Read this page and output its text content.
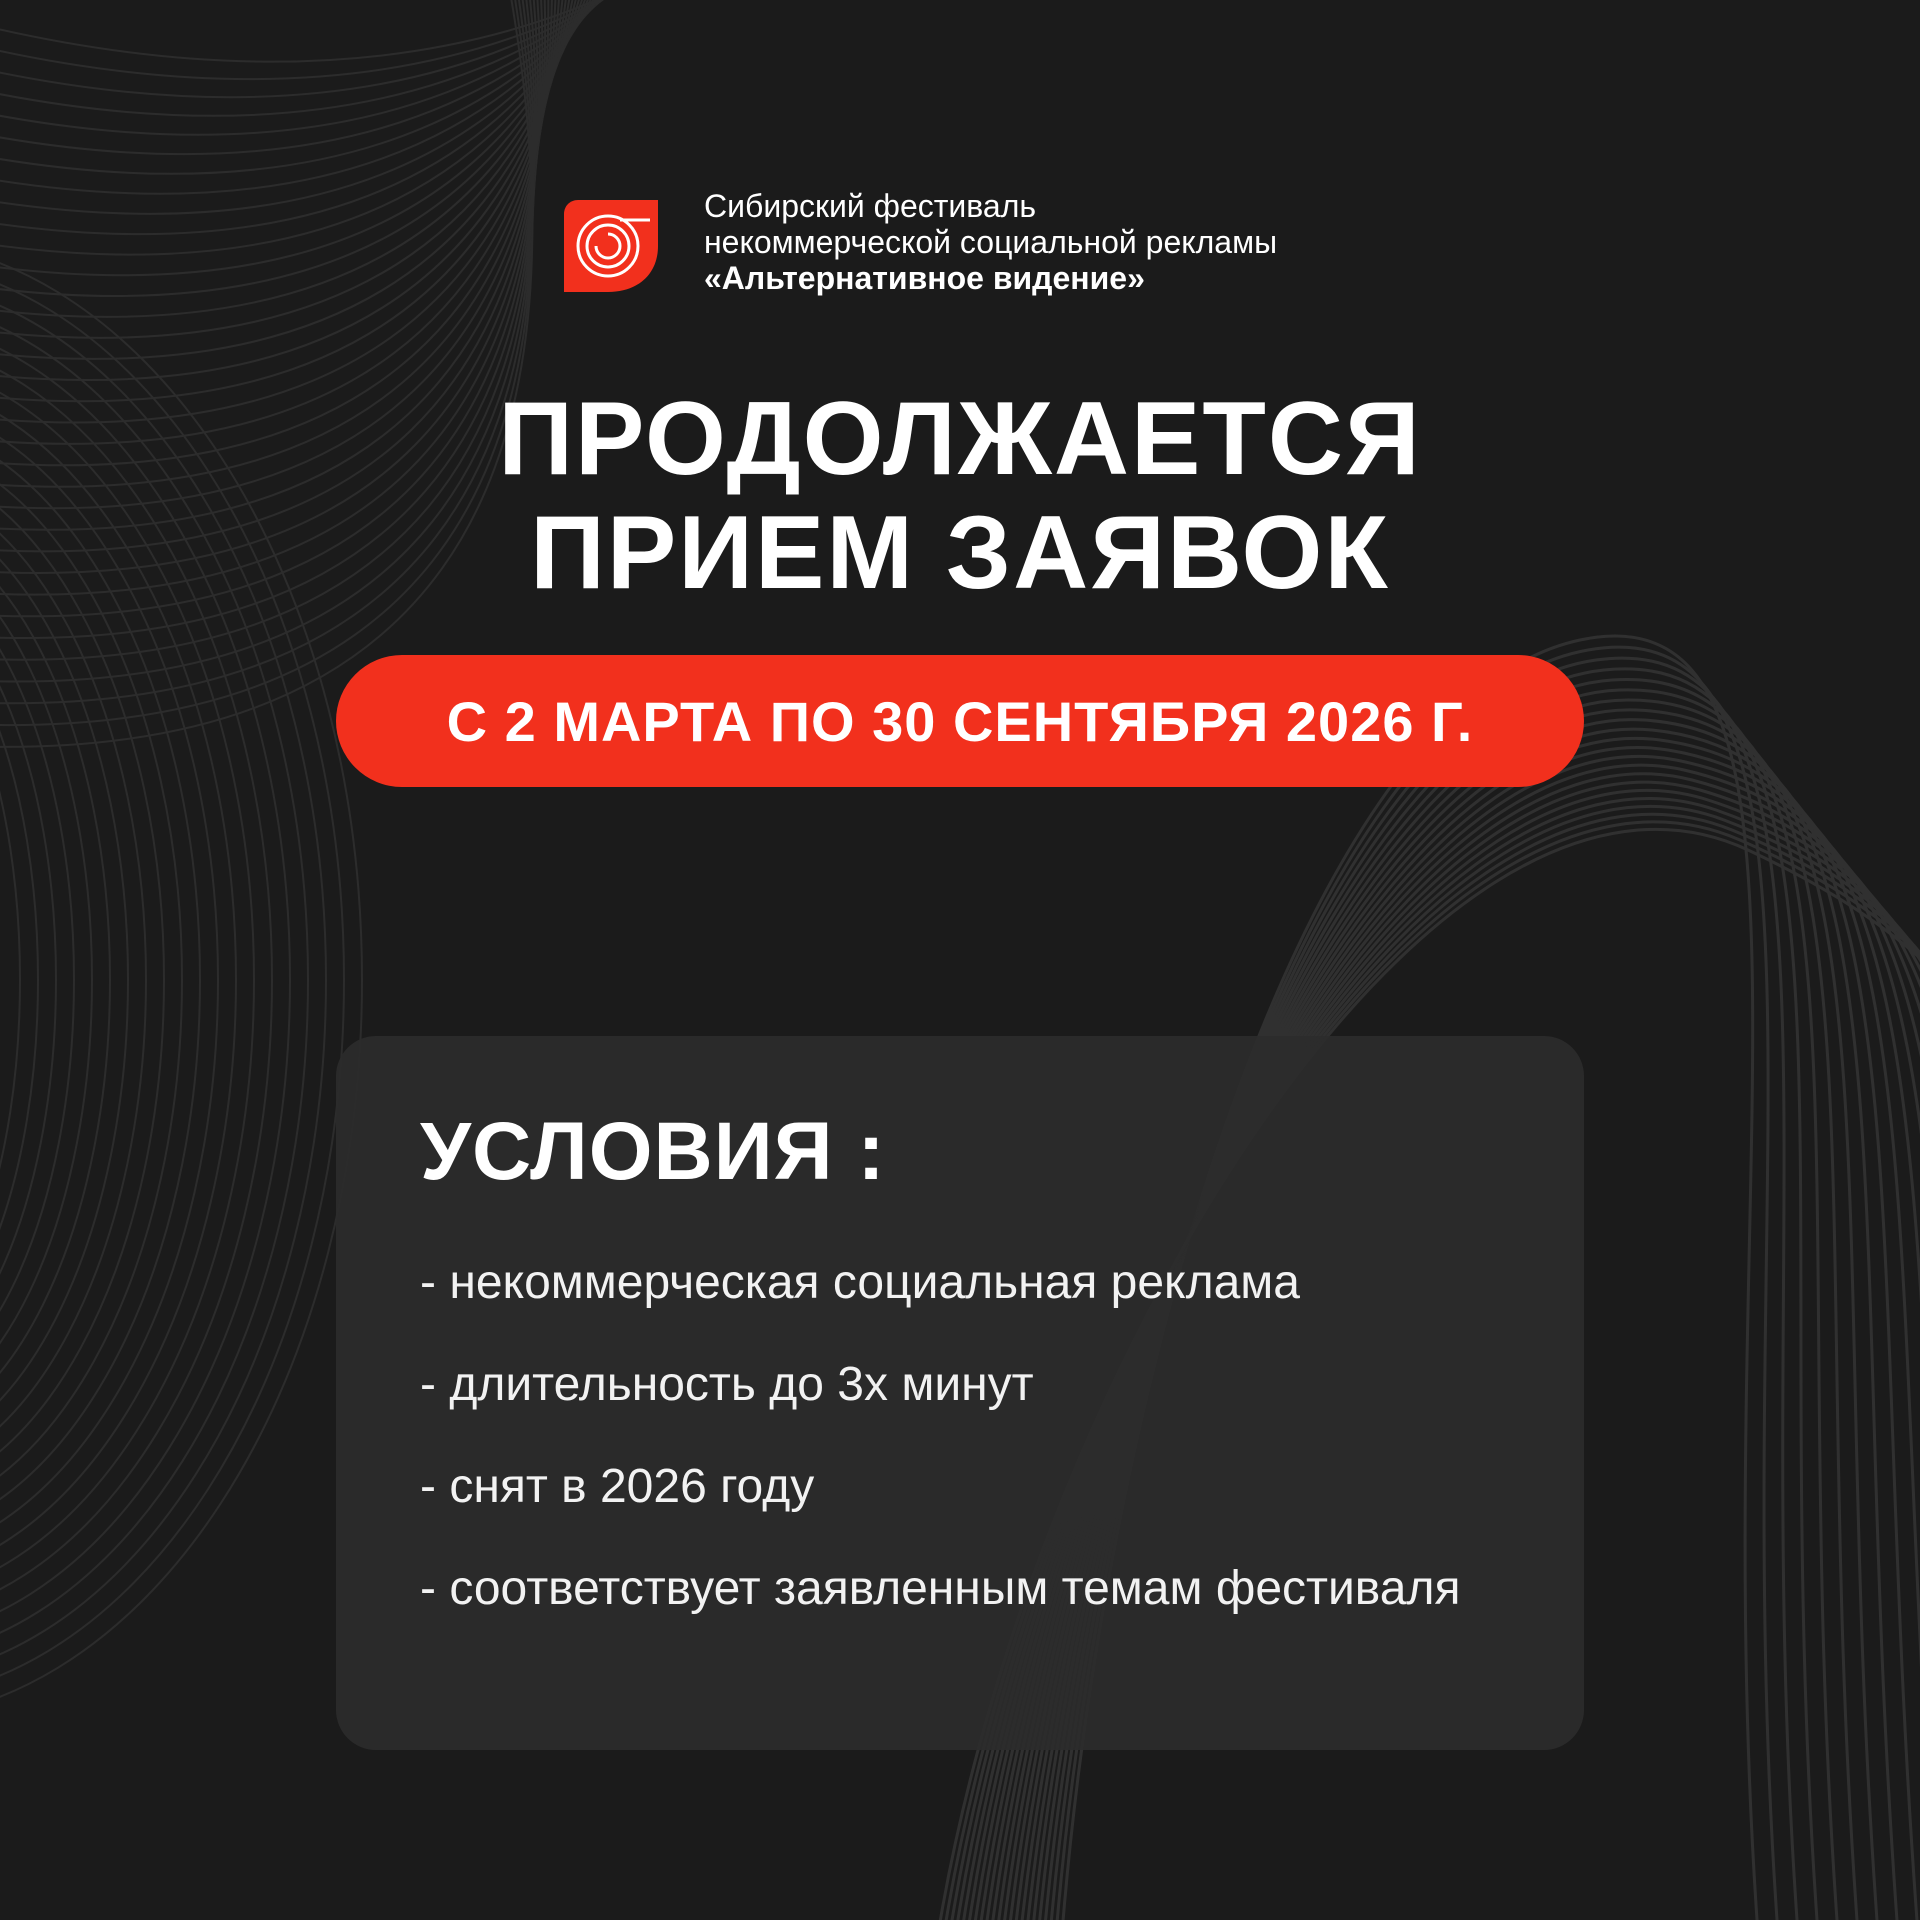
Сибирский фестиваль
некоммерческой социальной рекламы
«Альтернативное видение»
ПРОДОЛЖАЕТСЯ
ПРИЕМ ЗАЯВОК
С 2 МАРТА ПО 30 СЕНТЯБРЯ 2026 Г.
УСЛОВИЯ :
- некоммерческая социальная реклама
- длительность до 3х минут
- снят в 2026 году
- соответствует заявленным темам фестиваля
